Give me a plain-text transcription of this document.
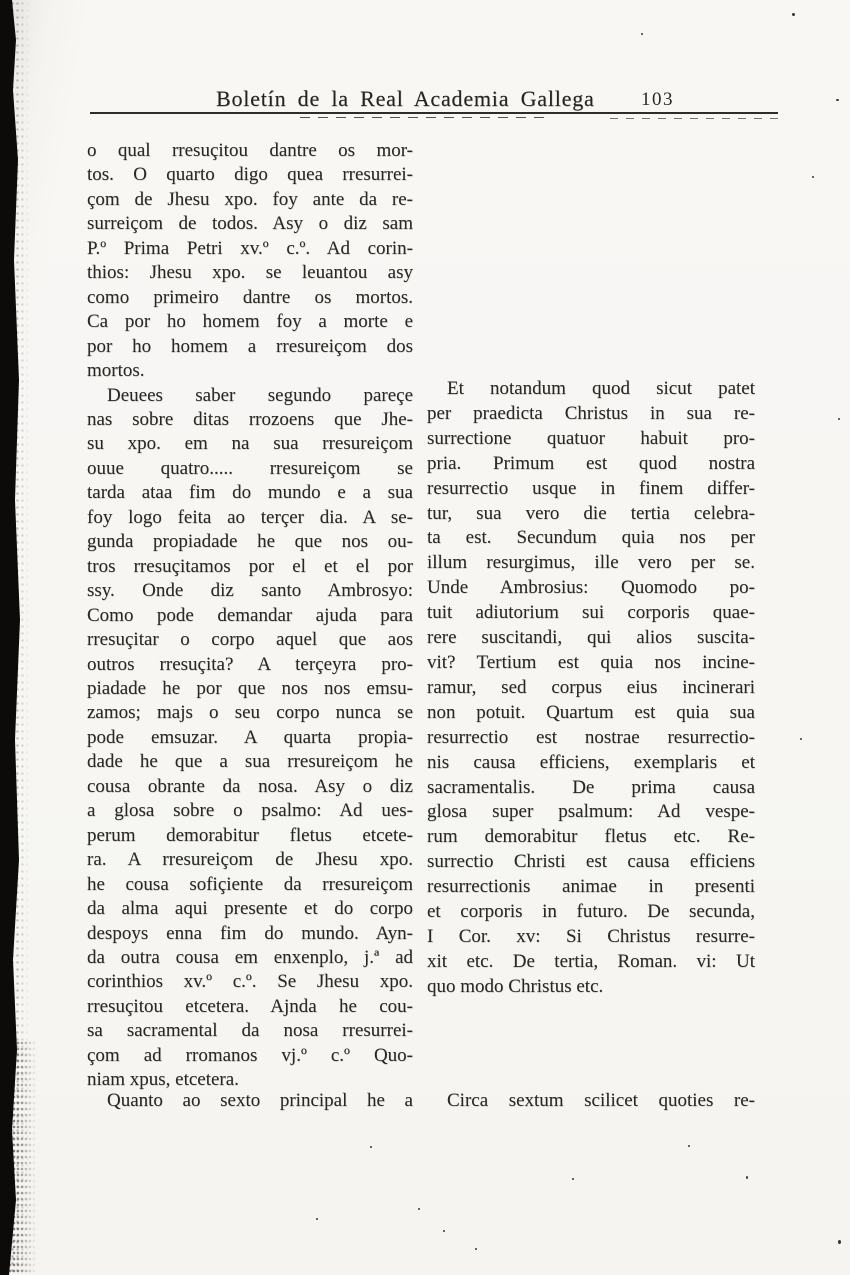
Boletín de la Real Academia Gallega 103
o qual rresuçitou dantre os mor-
tos. O quarto digo quea rresurrei-
çom de Jhesu xpo. foy ante da re-
surreiçom de todos. Asy o diz sam
P.º Prima Petri xv.º c.º. Ad corin-
thios: Jhesu xpo. se leuantou asy
como primeiro dantre os mortos.
Ca por ho homem foy a morte e
por ho homem a rresureiçom dos
mortos.
Deuees saber segundo pareçe
nas sobre ditas rrozoens que Jhe-
su xpo. em na sua rresureiçom
ouue quatro..... rresureiçom se
tarda ataa fim do mundo e a sua
foy logo feita ao terçer dia. A se-
gunda propiadade he que nos ou-
tros rresuçitamos por el et el por
ssy. Onde diz santo Ambrosyo:
Como pode demandar ajuda para
rresuçitar o corpo aquel que aos
outros rresuçita? A terçeyra pro-
piadade he por que nos nos emsu-
zamos; majs o seu corpo nunca se
pode emsuzar. A quarta propia-
dade he que a sua rresureiçom he
cousa obrante da nosa. Asy o diz
a glosa sobre o psalmo: Ad ues-
perum demorabitur fletus etcete-
ra. A rresureiçom de Jhesu xpo.
he cousa sofiçiente da rresureiçom
da alma aqui presente et do corpo
despoys enna fim do mundo. Ayn-
da outra cousa em enxenplo, j.ª ad
corinthios xv.º c.º. Se Jhesu xpo.
rresuçitou etcetera. Ajnda he cou-
sa sacramental da nosa rresurrei-
çom ad rromanos vj.º c.º Quo-
niam xpus, etcetera.
Et notandum quod sicut patet
per praedicta Christus in sua re-
surrectione quatuor habuit pro-
pria. Primum est quod nostra
resurrectio usque in finem differ-
tur, sua vero die tertia celebra-
ta est. Secundum quia nos per
illum resurgimus, ille vero per se.
Unde Ambrosius: Quomodo po-
tuit adiutorium sui corporis quae-
rere suscitandi, qui alios suscita-
vit? Tertium est quia nos incine-
ramur, sed corpus eius incinerari
non potuit. Quartum est quia sua
resurrectio est nostrae resurrectio-
nis causa efficiens, exemplaris et
sacramentalis. De prima causa
glosa super psalmum: Ad vespe-
rum demorabitur fletus etc. Re-
surrectio Christi est causa efficiens
resurrectionis animae in presenti
et corporis in futuro. De secunda,
I Cor. xv: Si Christus resurre-
xit etc. De tertia, Roman. vi: Ut
quo modo Christus etc.
Quanto ao sexto principal he a	Circa sextum scilicet quoties re-
